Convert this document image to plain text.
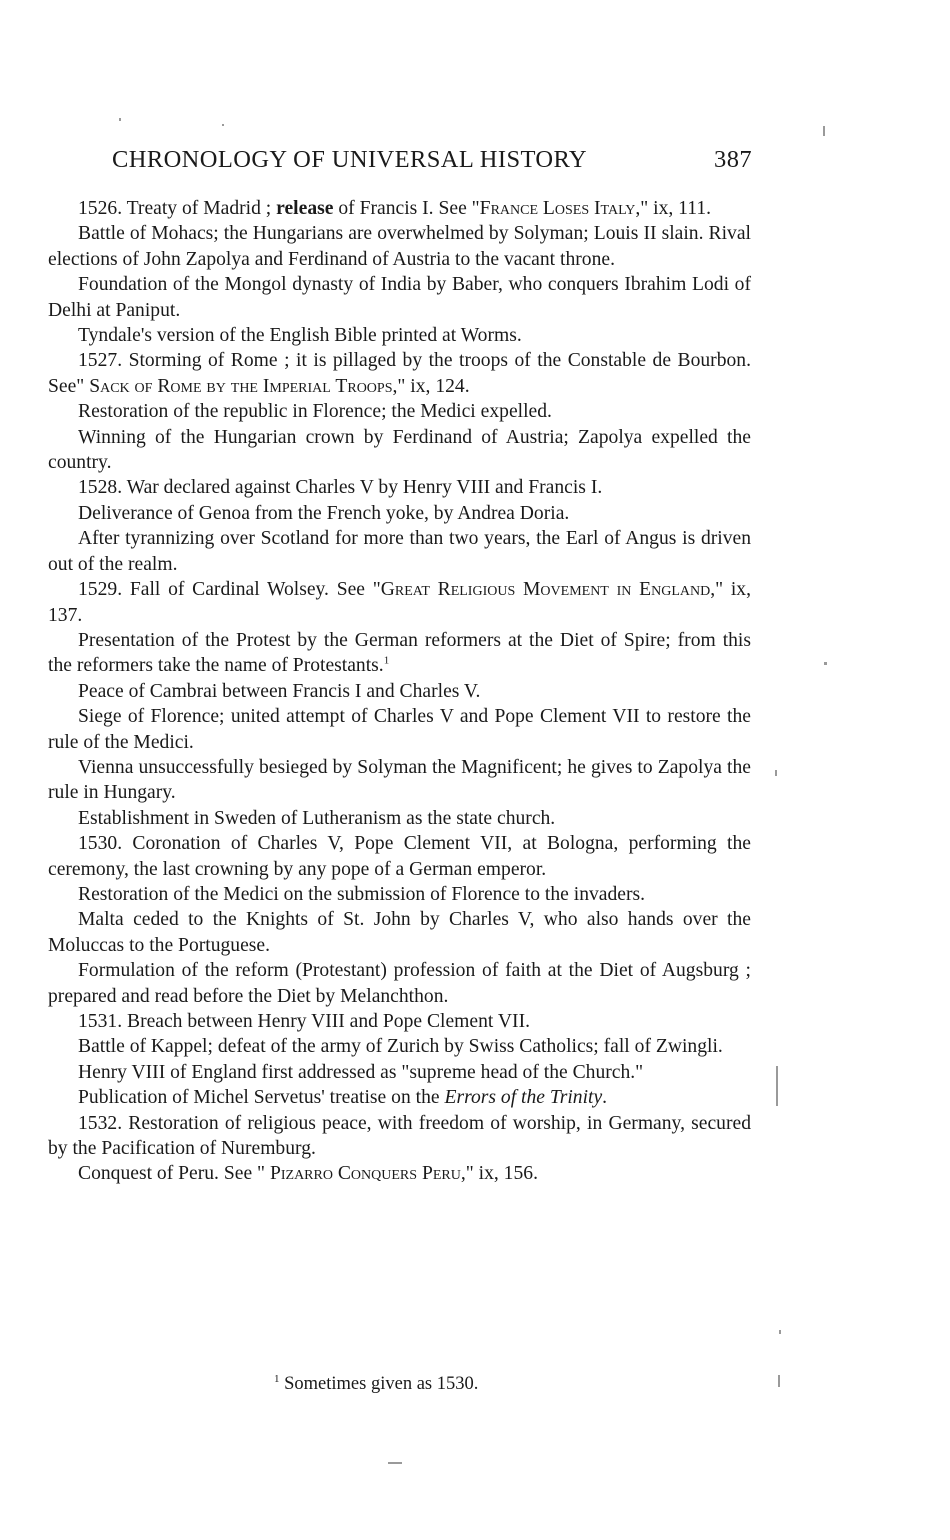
CHRONOLOGY OF UNIVERSAL HISTORY	387

1526. Treaty of Madrid ; release of Francis I. See "France Loses Italy," ix, 111.

Battle of Mohacs; the Hungarians are overwhelmed by Solyman; Louis II slain. Rival elections of John Zapolya and Ferdinand of Austria to the vacant throne.

Foundation of the Mongol dynasty of India by Baber, who conquers Ibrahim Lodi of Delhi at Paniput.

Tyndale's version of the English Bible printed at Worms.

1527. Storming of Rome ; it is pillaged by the troops of the Constable de Bourbon. See" Sack of Rome by the Imperial Troops," ix, 124.

Restoration of the republic in Florence; the Medici expelled.

Winning of the Hungarian crown by Ferdinand of Austria; Zapolya expelled the country.

1528. War declared against Charles V by Henry VIII and Francis I.

Deliverance of Genoa from the French yoke, by Andrea Doria.

After tyrannizing over Scotland for more than two years, the Earl of Angus is driven out of the realm.

1529. Fall of Cardinal Wolsey. See "Great Religious Movement in England," ix, 137.

Presentation of the Protest by the German reformers at the Diet of Spire; from this the reformers take the name of Protestants.$^1$

Peace of Cambrai between Francis I and Charles V.

Siege of Florence; united attempt of Charles V and Pope Clement VII to restore the rule of the Medici.

Vienna unsuccessfully besieged by Solyman the Magnificent; he gives to Zapolya the rule in Hungary.

Establishment in Sweden of Lutheranism as the state church.

1530. Coronation of Charles V, Pope Clement VII, at Bologna, performing the ceremony, the last crowning by any pope of a German emperor.

Restoration of the Medici on the submission of Florence to the invaders.

Malta ceded to the Knights of St. John by Charles V, who also hands over the Moluccas to the Portuguese.

Formulation of the reform (Protestant) profession of faith at the Diet of Augsburg ; prepared and read before the Diet by Melanchthon.

1531. Breach between Henry VIII and Pope Clement VII.

Battle of Kappel; defeat of the army of Zurich by Swiss Catholics; fall of Zwingli.

Henry VIII of England first addressed as "supreme head of the Church."

Publication of Michel Servetus' treatise on the Errors of the Trinity.

1532. Restoration of religious peace, with freedom of worship, in Germany, secured by the Pacification of Nuremburg.

Conquest of Peru. See " Pizarro Conquers Peru," ix, 156.

$^1$ Sometimes given as 1530.
